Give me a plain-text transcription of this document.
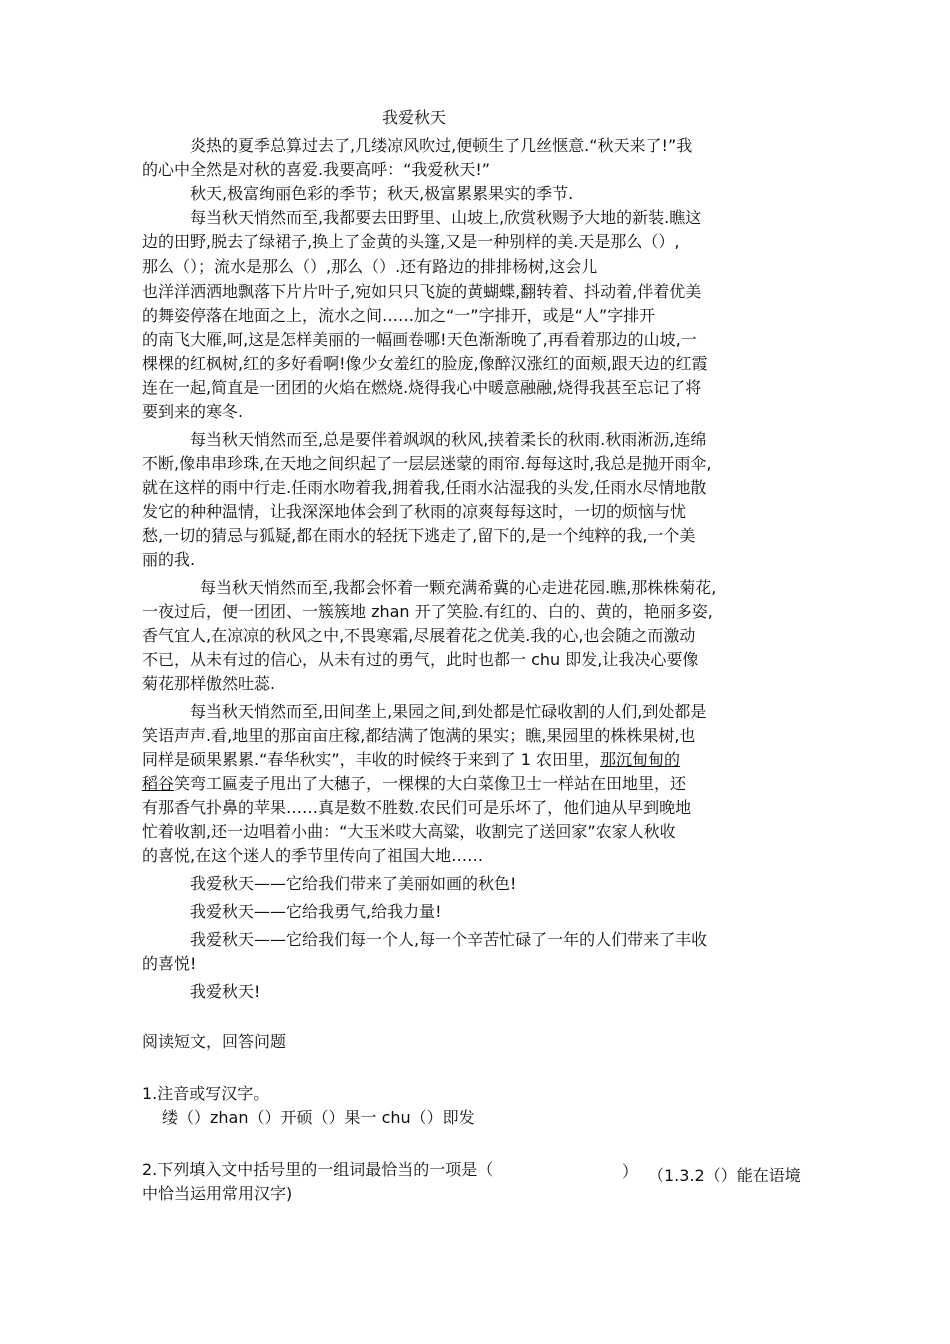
我爱秋天
炎热的夏季总算过去了,几缕凉风吹过,便顿生了几丝惬意.“秋天来了!”我
的心中全然是对秋的喜爱.我要高呼：“我爱秋天!”
秋天,极富绚丽色彩的季节；秋天,极富累累果实的季节.
每当秋天悄然而至,我都要去田野里、山坡上,欣赏秋赐予大地的新装.瞧这
边的田野,脱去了绿裙子,换上了金黄的头篷,又是一种别样的美.天是那么（）,
那么（）；流水是那么（）,那么（）.还有路边的排排杨树,这会儿
也洋洋洒洒地飘落下片片叶子,宛如只只飞旋的黄蝴蝶,翻转着、抖动着,伴着优美
的舞姿停落在地面之上，流水之间……加之“一”字排开，或是“人”字排开
的南飞大雁,呵,这是怎样美丽的一幅画卷哪!天色渐渐晚了,再看着那边的山坡,一
棵棵的红枫树,红的多好看啊!像少女羞红的脸庞,像醉汉涨红的面颊,跟天边的红霞
连在一起,简直是一团团的火焰在燃烧.烧得我心中暖意融融,烧得我甚至忘记了将
要到来的寒冬.
每当秋天悄然而至,总是要伴着飒飒的秋风,挟着柔长的秋雨.秋雨淅沥,连绵
不断,像串串珍珠,在天地之间织起了一层层迷蒙的雨帘.每每这时,我总是抛开雨伞,
就在这样的雨中行走.任雨水吻着我,拥着我,任雨水沾湿我的头发,任雨水尽情地散
发它的种种温情，让我深深地体会到了秋雨的凉爽每每这时，一切的烦恼与忧
愁,一切的猜忌与狐疑,都在雨水的轻抚下逃走了,留下的,是一个纯粹的我,一个美
丽的我.
每当秋天悄然而至,我都会怀着一颗充满希冀的心走进花园.瞧,那株株菊花,
一夜过后，便一团团、一簇簇地 zhan 开了笑脸.有红的、白的、黄的，艳丽多姿,
香气宜人,在凉凉的秋风之中,不畏寒霜,尽展着花之优美.我的心,也会随之而激动
不已，从未有过的信心，从未有过的勇气，此时也都一 chu 即发,让我决心要像
菊花那样傲然吐蕊.
每当秋天悄然而至,田间垄上,果园之间,到处都是忙碌收割的人们,到处都是
笑语声声.看,地里的那亩亩庄稼,都结满了饱满的果实；瞧,果园里的株株果树,也
同样是硕果累累.“春华秋实”，丰收的时候终于来到了 1 农田里，那沉甸甸的
稻谷笑弯工匾麦子甩出了大穗子，一棵棵的大白菜像卫士一样站在田地里，还
有那香气扑鼻的苹果……真是数不胜数.农民们可是乐坏了，他们迪从早到晚地
忙着收割,还一边唱着小曲：“大玉米哎大高粱，收割完了送回家”农家人秋收
的喜悦,在这个迷人的季节里传向了祖国大地……
我爱秋天——它给我们带来了美丽如画的秋色!
我爱秋天——它给我勇气,给我力量!
我爱秋天——它给我们每一个人,每一个辛苦忙碌了一年的人们带来了丰收
的喜悦!
我爱秋天!
阅读短文，回答问题
1.注音或写汉字。
缕（）zhan（）开硕（）果一 chu（）即发
2.下列填入文中括号里的一组词最恰当的一项是（	） （1.3.2（）能在语境
中恰当运用常用汉字)
